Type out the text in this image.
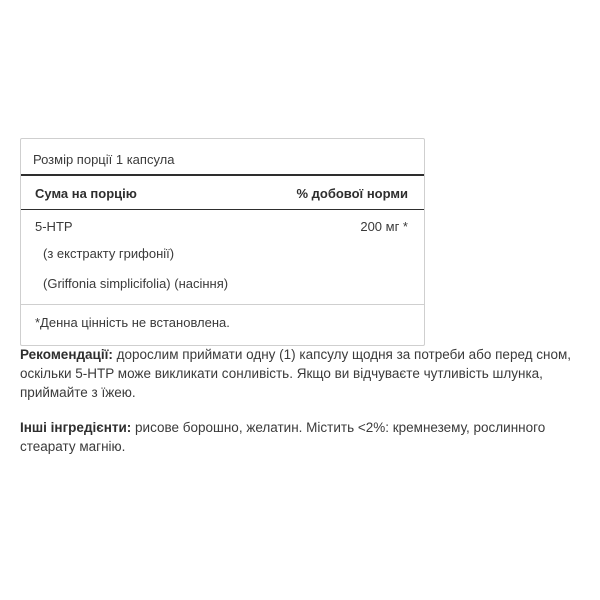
Розмір порції 1 капсула
Сума на порцію	% добової норми
5-HTP	200 мг *
(з екстракту грифонії)
(Griffonia simplicifolia) (насіння)
*Денна цінність не встановлена.
Рекомендації: дорослим приймати одну (1) капсулу щодня за потреби або перед сном, оскільки 5-HTP може викликати сонливість. Якщо ви відчуваєте чутливість шлунка, приймайте з їжею.
Інші інгредієнти: рисове борошно, желатин. Містить <2%: кремнезему, рослинного стеарату магнію.
